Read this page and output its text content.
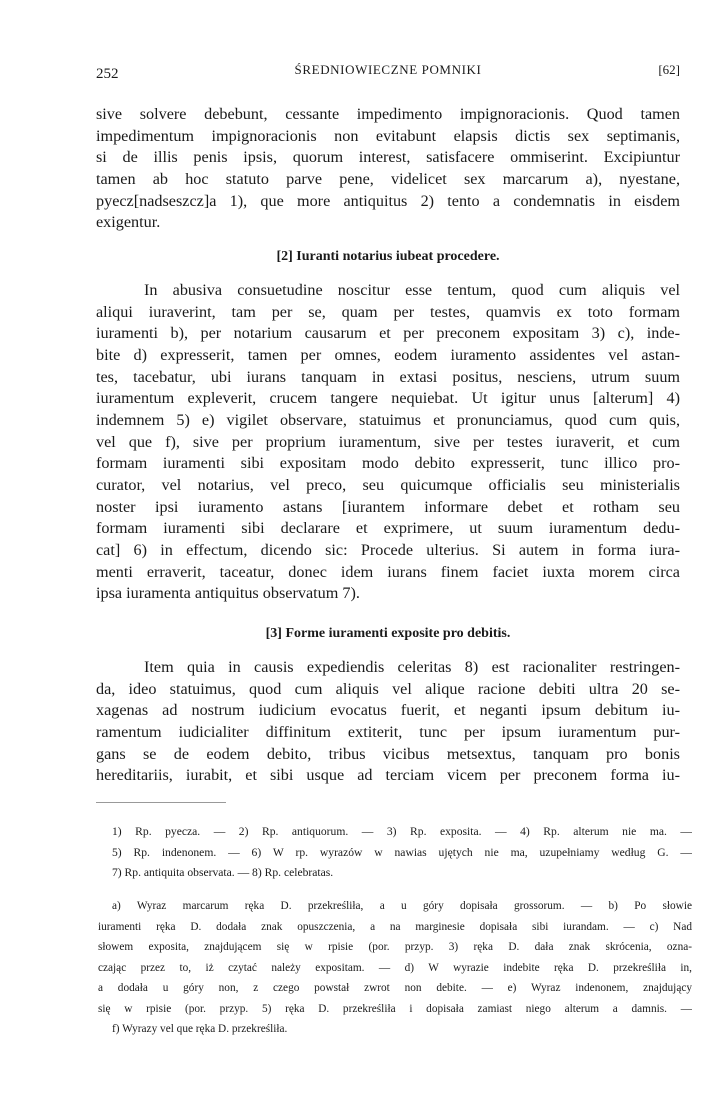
252	ŚREDNIOWIECZNE POMNIKI	[62]
sive solvere debebunt, cessante impedimento impignoracionis. Quod tamen
impedimentum impignoracionis non evitabunt elapsis dictis sex septimanis,
si de illis penis ipsis, quorum interest, satisfacere ommiserint. Excipiuntur
tamen ab hoc statuto parve pene, videlicet sex marcarum a), nyestane,
pyecz[nadseszcz]a 1), que more antiquitus 2) tento a condemnatis in eisdem
exigentur.
[2] Iuranti notarius iubeat procedere.
In abusiva consuetudine noscitur esse tentum, quod cum aliquis vel
aliqui iuraverint, tam per se, quam per testes, quamvis ex toto formam
iuramenti b), per notarium causarum et per preconem expositam 3) c), inde-
bite d) expresserit, tamen per omnes, eodem iuramento assidentes vel astan-
tes, tacebatur, ubi iurans tanquam in extasi positus, nesciens, utrum suum
iuramentum expleverit, crucem tangere nequiebat. Ut igitur unus [alterum] 4)
indemnem 5) e) vigilet observare, statuimus et pronunciamus, quod cum quis,
vel que f), sive per proprium iuramentum, sive per testes iuraverit, et cum
formam iuramenti sibi expositam modo debito expresserit, tunc illico pro-
curator, vel notarius, vel preco, seu quicumque officialis seu ministerialis
noster ipsi iuramento astans [iurantem informare debet et rotham seu
formam iuramenti sibi declarare et exprimere, ut suum iuramentum dedu-
cat] 6) in effectum, dicendo sic: Procede ulterius. Si autem in forma iura-
menti erraverit, taceatur, donec idem iurans finem faciet iuxta morem circa
ipsa iuramenta antiquitus observatum 7).
[3] Forme iuramenti exposite pro debitis.
Item quia in causis expediendis celeritas 8) est racionaliter restringen-
da, ideo statuimus, quod cum aliquis vel alique racione debiti ultra 20 se-
xagenas ad nostrum iudicium evocatus fuerit, et neganti ipsum debitum iu-
ramentum iudicialiter diffinitum extiterit, tunc per ipsum iuramentum pur-
gans se de eodem debito, tribus vicibus metsextus, tanquam pro bonis
hereditariis, iurabit, et sibi usque ad terciam vicem per preconem forma iu-
1) Rp. pyecza. — 2) Rp. antiquorum. — 3) Rp. exposita. — 4) Rp. alterum nie ma. —
5) Rp. indenonem. — 6) W rp. wyrazów w nawias ujętych nie ma, uzupełniamy według G. —
7) Rp. antiquita observata. — 8) Rp. celebratas.
a) Wyraz marcarum ręka D. przekreśliła, a u góry dopisała grossorum. — b) Po słowie
iuramenti ręka D. dodała znak opuszczenia, a na marginesie dopisała sibi iurandam. — c) Nad
słowem exposita, znajdującem się w rpisie (por. przyp. 3) ręka D. dała znak skrócenia, ozna-
czając przez to, iż czytać należy expositam. — d) W wyrazie indebite ręka D. przekreśliła in,
a dodała u góry non, z czego powstał zwrot non debite. — e) Wyraz indenonem, znajdujący
się w rpisie (por. przyp. 5) ręka D. przekreśliła i dopisała zamiast niego alterum a damnis. —
f) Wyrazy vel que ręka D. przekreśliła.
